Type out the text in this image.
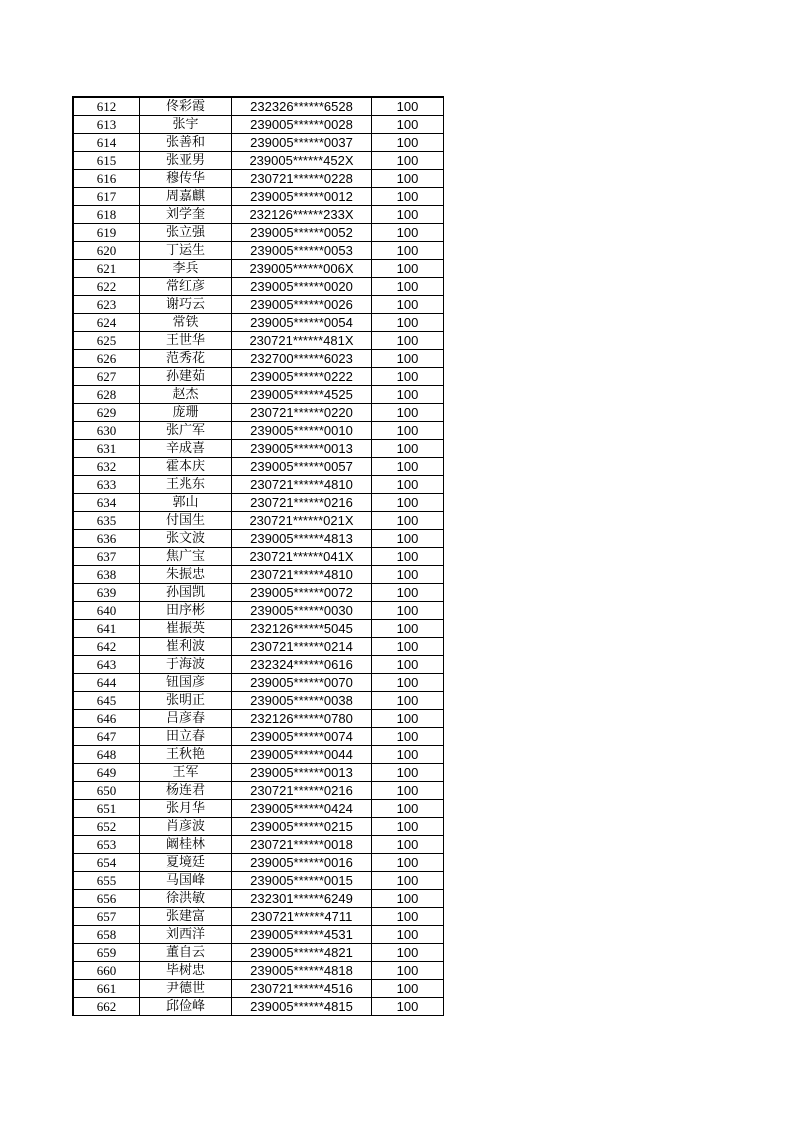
612	佟彩霞	232326******6528	100
613	张宇	239005******0028	100
614	张善和	239005******0037	100
615	张亚男	239005******452X	100
616	穆传华	230721******0228	100
617	周嘉麒	239005******0012	100
618	刘学奎	232126******233X	100
619	张立强	239005******0052	100
620	丁运生	239005******0053	100
621	李兵	239005******006X	100
622	常红彦	239005******0020	100
623	谢巧云	239005******0026	100
624	常铁	239005******0054	100
625	王世华	230721******481X	100
626	范秀花	232700******6023	100
627	孙建茹	239005******0222	100
628	赵杰	239005******4525	100
629	庞珊	230721******0220	100
630	张广军	239005******0010	100
631	辛成喜	239005******0013	100
632	霍本庆	239005******0057	100
633	王兆东	230721******4810	100
634	郭山	230721******0216	100
635	付国生	230721******021X	100
636	张文波	239005******4813	100
637	焦广宝	230721******041X	100
638	朱振忠	230721******4810	100
639	孙国凯	239005******0072	100
640	田序彬	239005******0030	100
641	崔振英	232126******5045	100
642	崔利波	230721******0214	100
643	于海波	232324******0616	100
644	钮国彦	239005******0070	100
645	张明正	239005******0038	100
646	吕彦春	232126******0780	100
647	田立春	239005******0074	100
648	王秋艳	239005******0044	100
649	王军	239005******0013	100
650	杨连君	230721******0216	100
651	张月华	239005******0424	100
652	肖彦波	239005******0215	100
653	阚桂林	230721******0018	100
654	夏境廷	239005******0016	100
655	马国峰	239005******0015	100
656	徐洪敏	232301******6249	100
657	张建富	230721******4711	100
658	刘西洋	239005******4531	100
659	董自云	239005******4821	100
660	毕树忠	239005******4818	100
661	尹德世	230721******4516	100
662	邱俭峰	239005******4815	100
